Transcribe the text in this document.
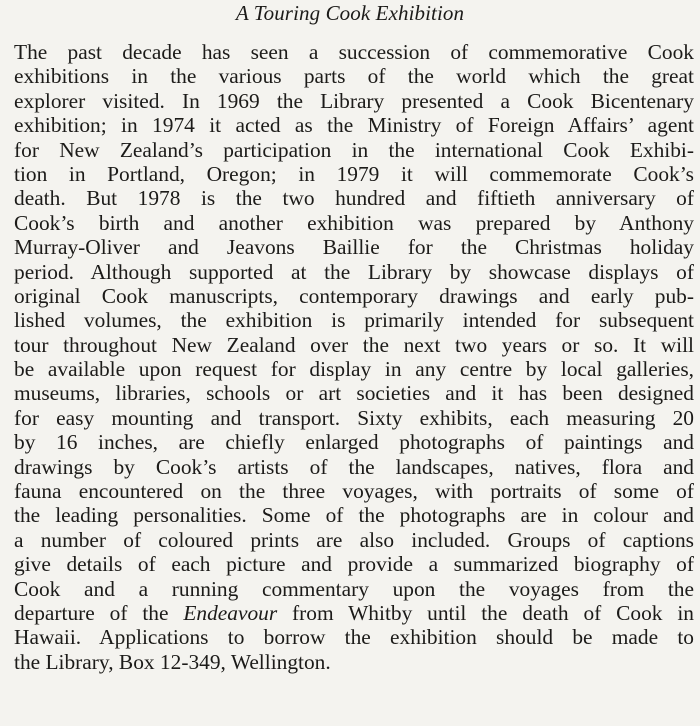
A Touring Cook Exhibition
The past decade has seen a succession of commemorative Cook
exhibitions in the various parts of the world which the great
explorer visited. In 1969 the Library presented a Cook Bicentenary
exhibition; in 1974 it acted as the Ministry of Foreign Affairs’ agent
for New Zealand’s participation in the international Cook Exhibi-
tion in Portland, Oregon; in 1979 it will commemorate Cook’s
death. But 1978 is the two hundred and fiftieth anniversary of
Cook’s birth and another exhibition was prepared by Anthony
Murray-Oliver and Jeavons Baillie for the Christmas holiday
period. Although supported at the Library by showcase displays of
original Cook manuscripts, contemporary drawings and early pub-
lished volumes, the exhibition is primarily intended for subsequent
tour throughout New Zealand over the next two years or so. It will
be available upon request for display in any centre by local galleries,
museums, libraries, schools or art societies and it has been designed
for easy mounting and transport. Sixty exhibits, each measuring 20
by 16 inches, are chiefly enlarged photographs of paintings and
drawings by Cook’s artists of the landscapes, natives, flora and
fauna encountered on the three voyages, with portraits of some of
the leading personalities. Some of the photographs are in colour and
a number of coloured prints are also included. Groups of captions
give details of each picture and provide a summarized biography of
Cook and a running commentary upon the voyages from the
departure of the Endeavour from Whitby until the death of Cook in
Hawaii. Applications to borrow the exhibition should be made to
the Library, Box 12-349, Wellington.
